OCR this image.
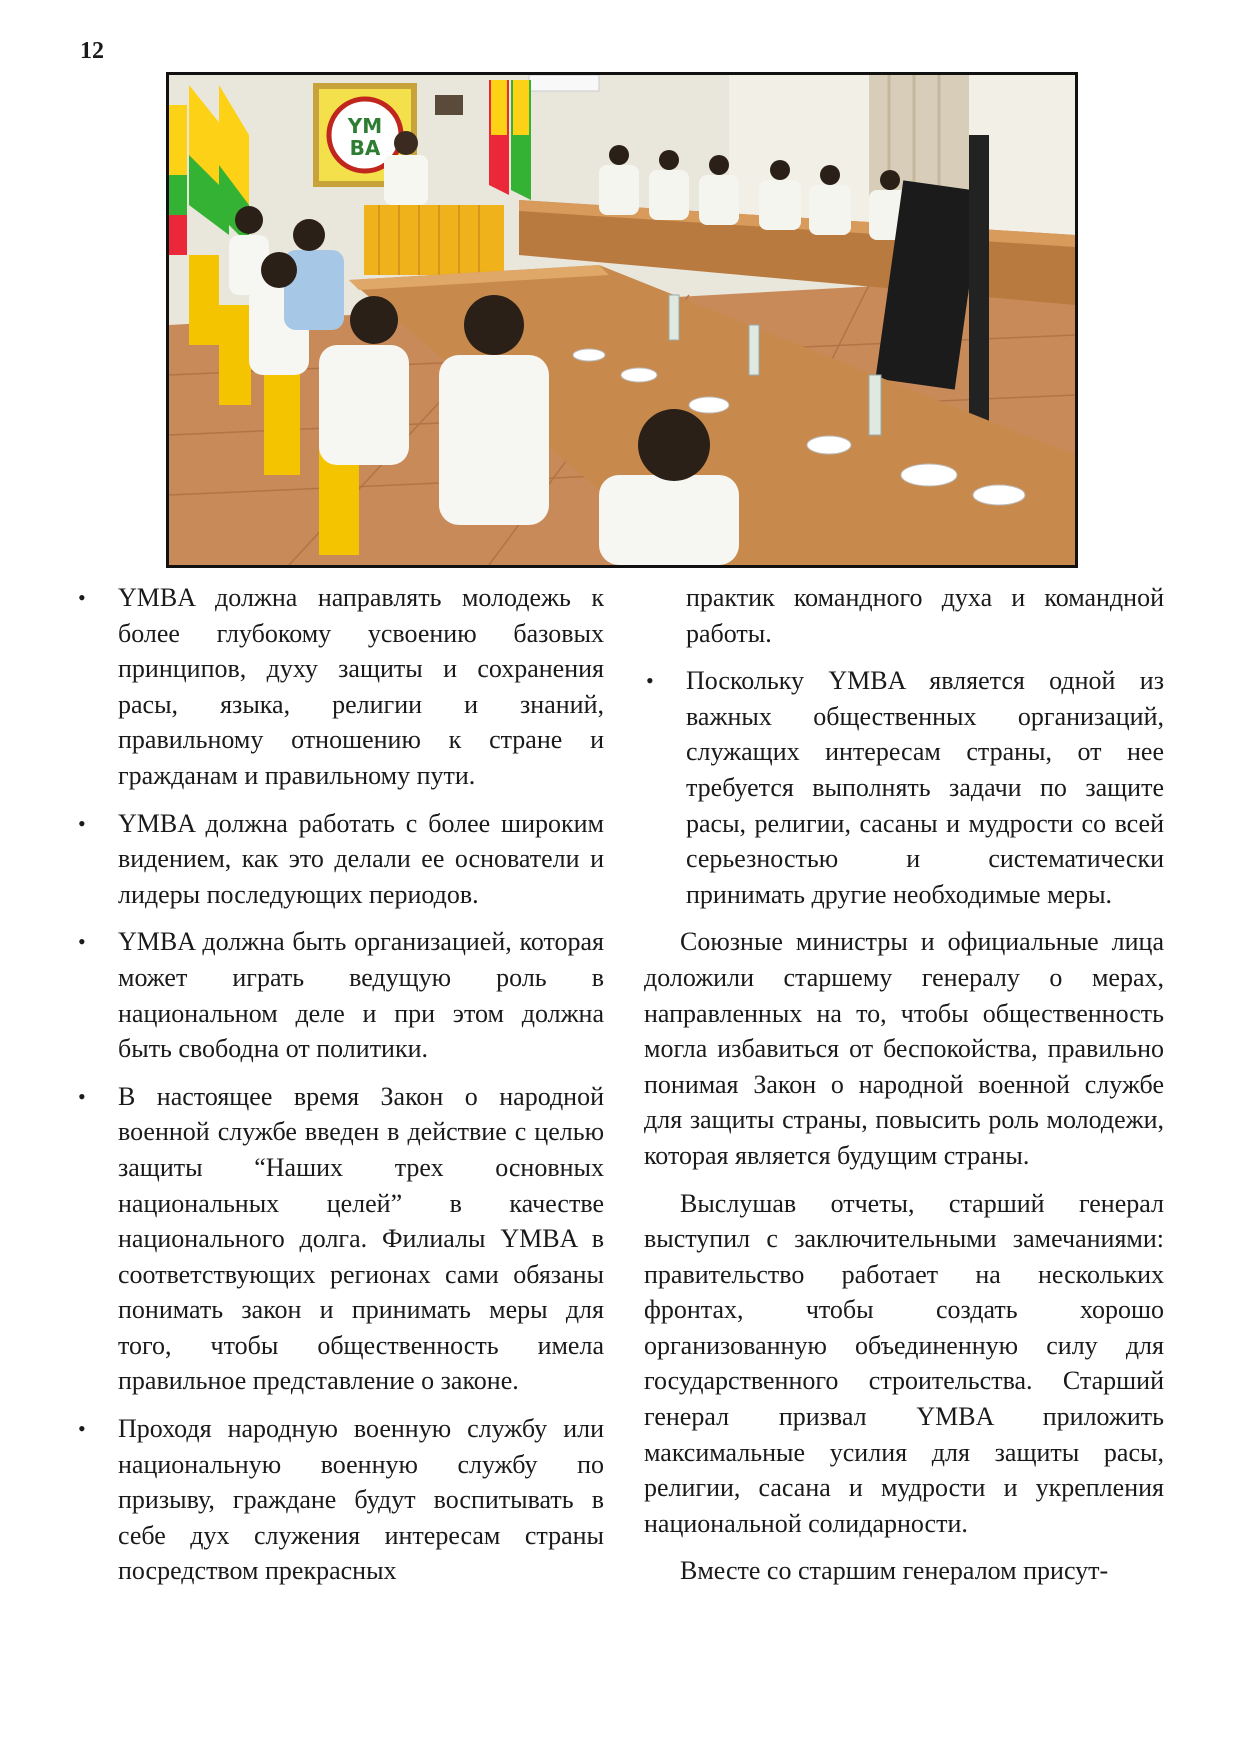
12
YM
BA
• YMBA должна направлять молодежь к более глубокому усвоению базовых принципов, духу защиты и сохранения расы, языка, религии и знаний, правильному отношению к стране и гражданам и правильному пути.
• YMBA должна работать с более широким видением, как это делали ее основатели и лидеры последующих периодов.
• YMBA должна быть организацией, которая может играть ведущую роль в национальном деле и при этом должна быть свободна от политики.
• В настоящее время Закон о народной военной службе введен в действие с целью защиты “Наших трех основных национальных целей” в качестве национального долга. Филиалы YMBA в соответствующих регионах сами обязаны понимать закон и принимать меры для того, чтобы общественность имела правильное представление о законе.
• Проходя народную военную службу или национальную военную службу по призыву, граждане будут воспитывать в себе дух служения интересам страны посредством прекрасных

практик командного духа и командной работы.

• Поскольку YMBA является одной из важных общественных организаций, служащих интересам страны, от нее требуется выполнять задачи по защите расы, религии, сасаны и мудрости со всей серьезностью и систематически принимать другие необходимые меры.

Союзные министры и официальные лица доложили старшему генералу о мерах, направленных на то, чтобы общественность могла избавиться от беспокойства, правильно понимая Закон о народной военной службе для защиты страны, повысить роль молодежи, которая является будущим страны.

Выслушав отчеты, старший генерал выступил с заключительными замечаниями: правительство работает на нескольких фронтах, чтобы создать хорошо организованную объединенную силу для государственного строительства. Старший генерал призвал YMBA приложить максимальные усилия для защиты расы, религии, сасана и мудрости и укрепления национальной солидарности.

Вместе со старшим генералом присут-
